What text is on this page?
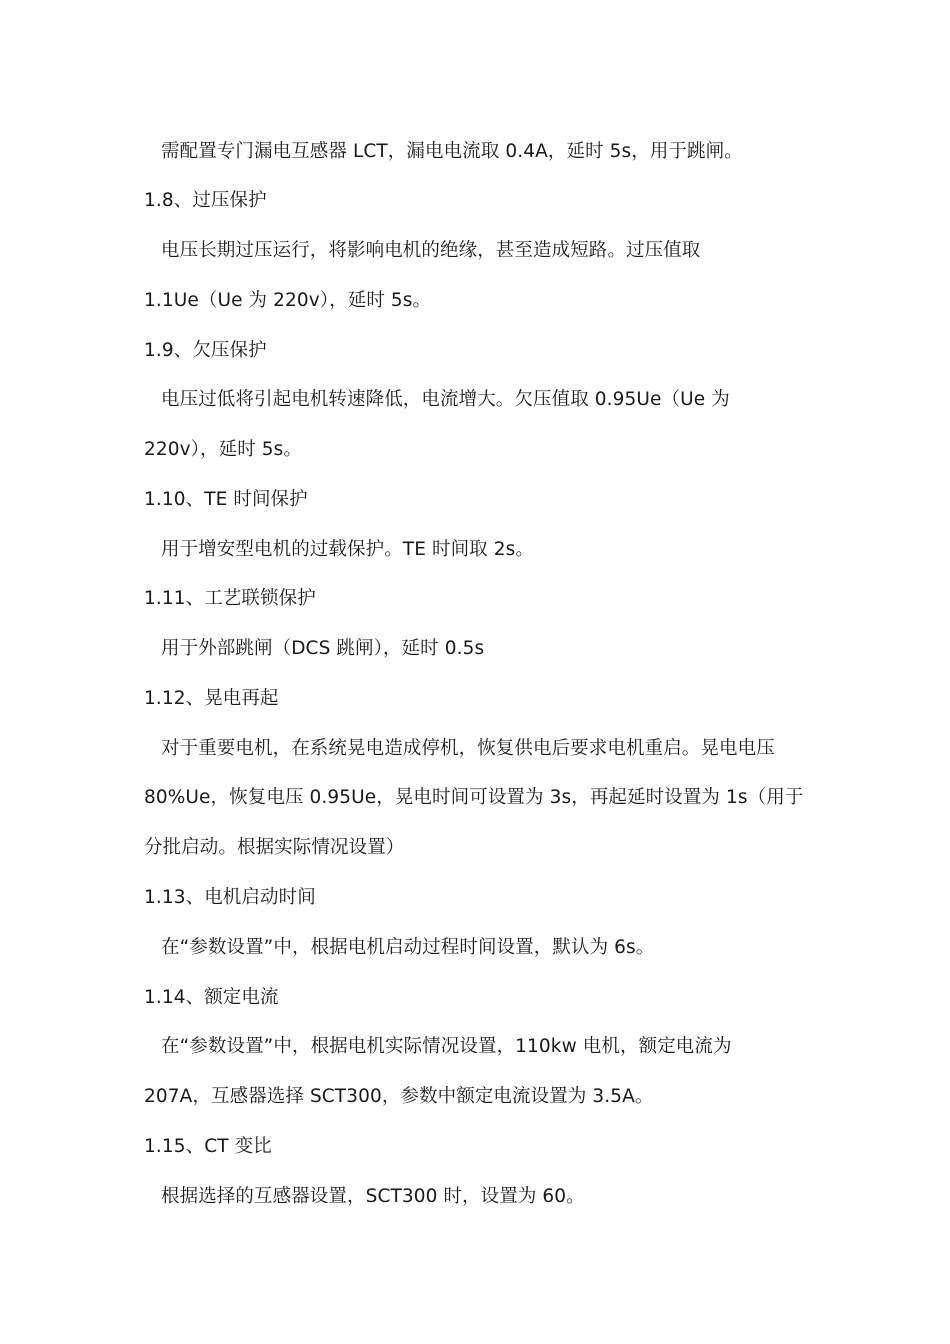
需配置专门漏电互感器 LCT，漏电电流取 0.4A，延时 5s，用于跳闸。
1.8、过压保护
电压长期过压运行，将影响电机的绝缘，甚至造成短路。过压值取
1.1Ue（Ue 为 220v），延时 5s。
1.9、欠压保护
电压过低将引起电机转速降低，电流增大。欠压值取 0.95Ue（Ue 为
220v），延时 5s。
1.10、TE 时间保护
用于增安型电机的过载保护。TE 时间取 2s。
1.11、工艺联锁保护
用于外部跳闸（DCS 跳闸），延时 0.5s
1.12、晃电再起
对于重要电机，在系统晃电造成停机，恢复供电后要求电机重启。晃电电压
80%Ue，恢复电压 0.95Ue，晃电时间可设置为 3s，再起延时设置为 1s（用于
分批启动。根据实际情况设置）
1.13、电机启动时间
在“参数设置”中，根据电机启动过程时间设置，默认为 6s。
1.14、额定电流
在“参数设置”中，根据电机实际情况设置，110kw 电机，额定电流为
207A，互感器选择 SCT300，参数中额定电流设置为 3.5A。
1.15、CT 变比
根据选择的互感器设置，SCT300 时，设置为 60。
